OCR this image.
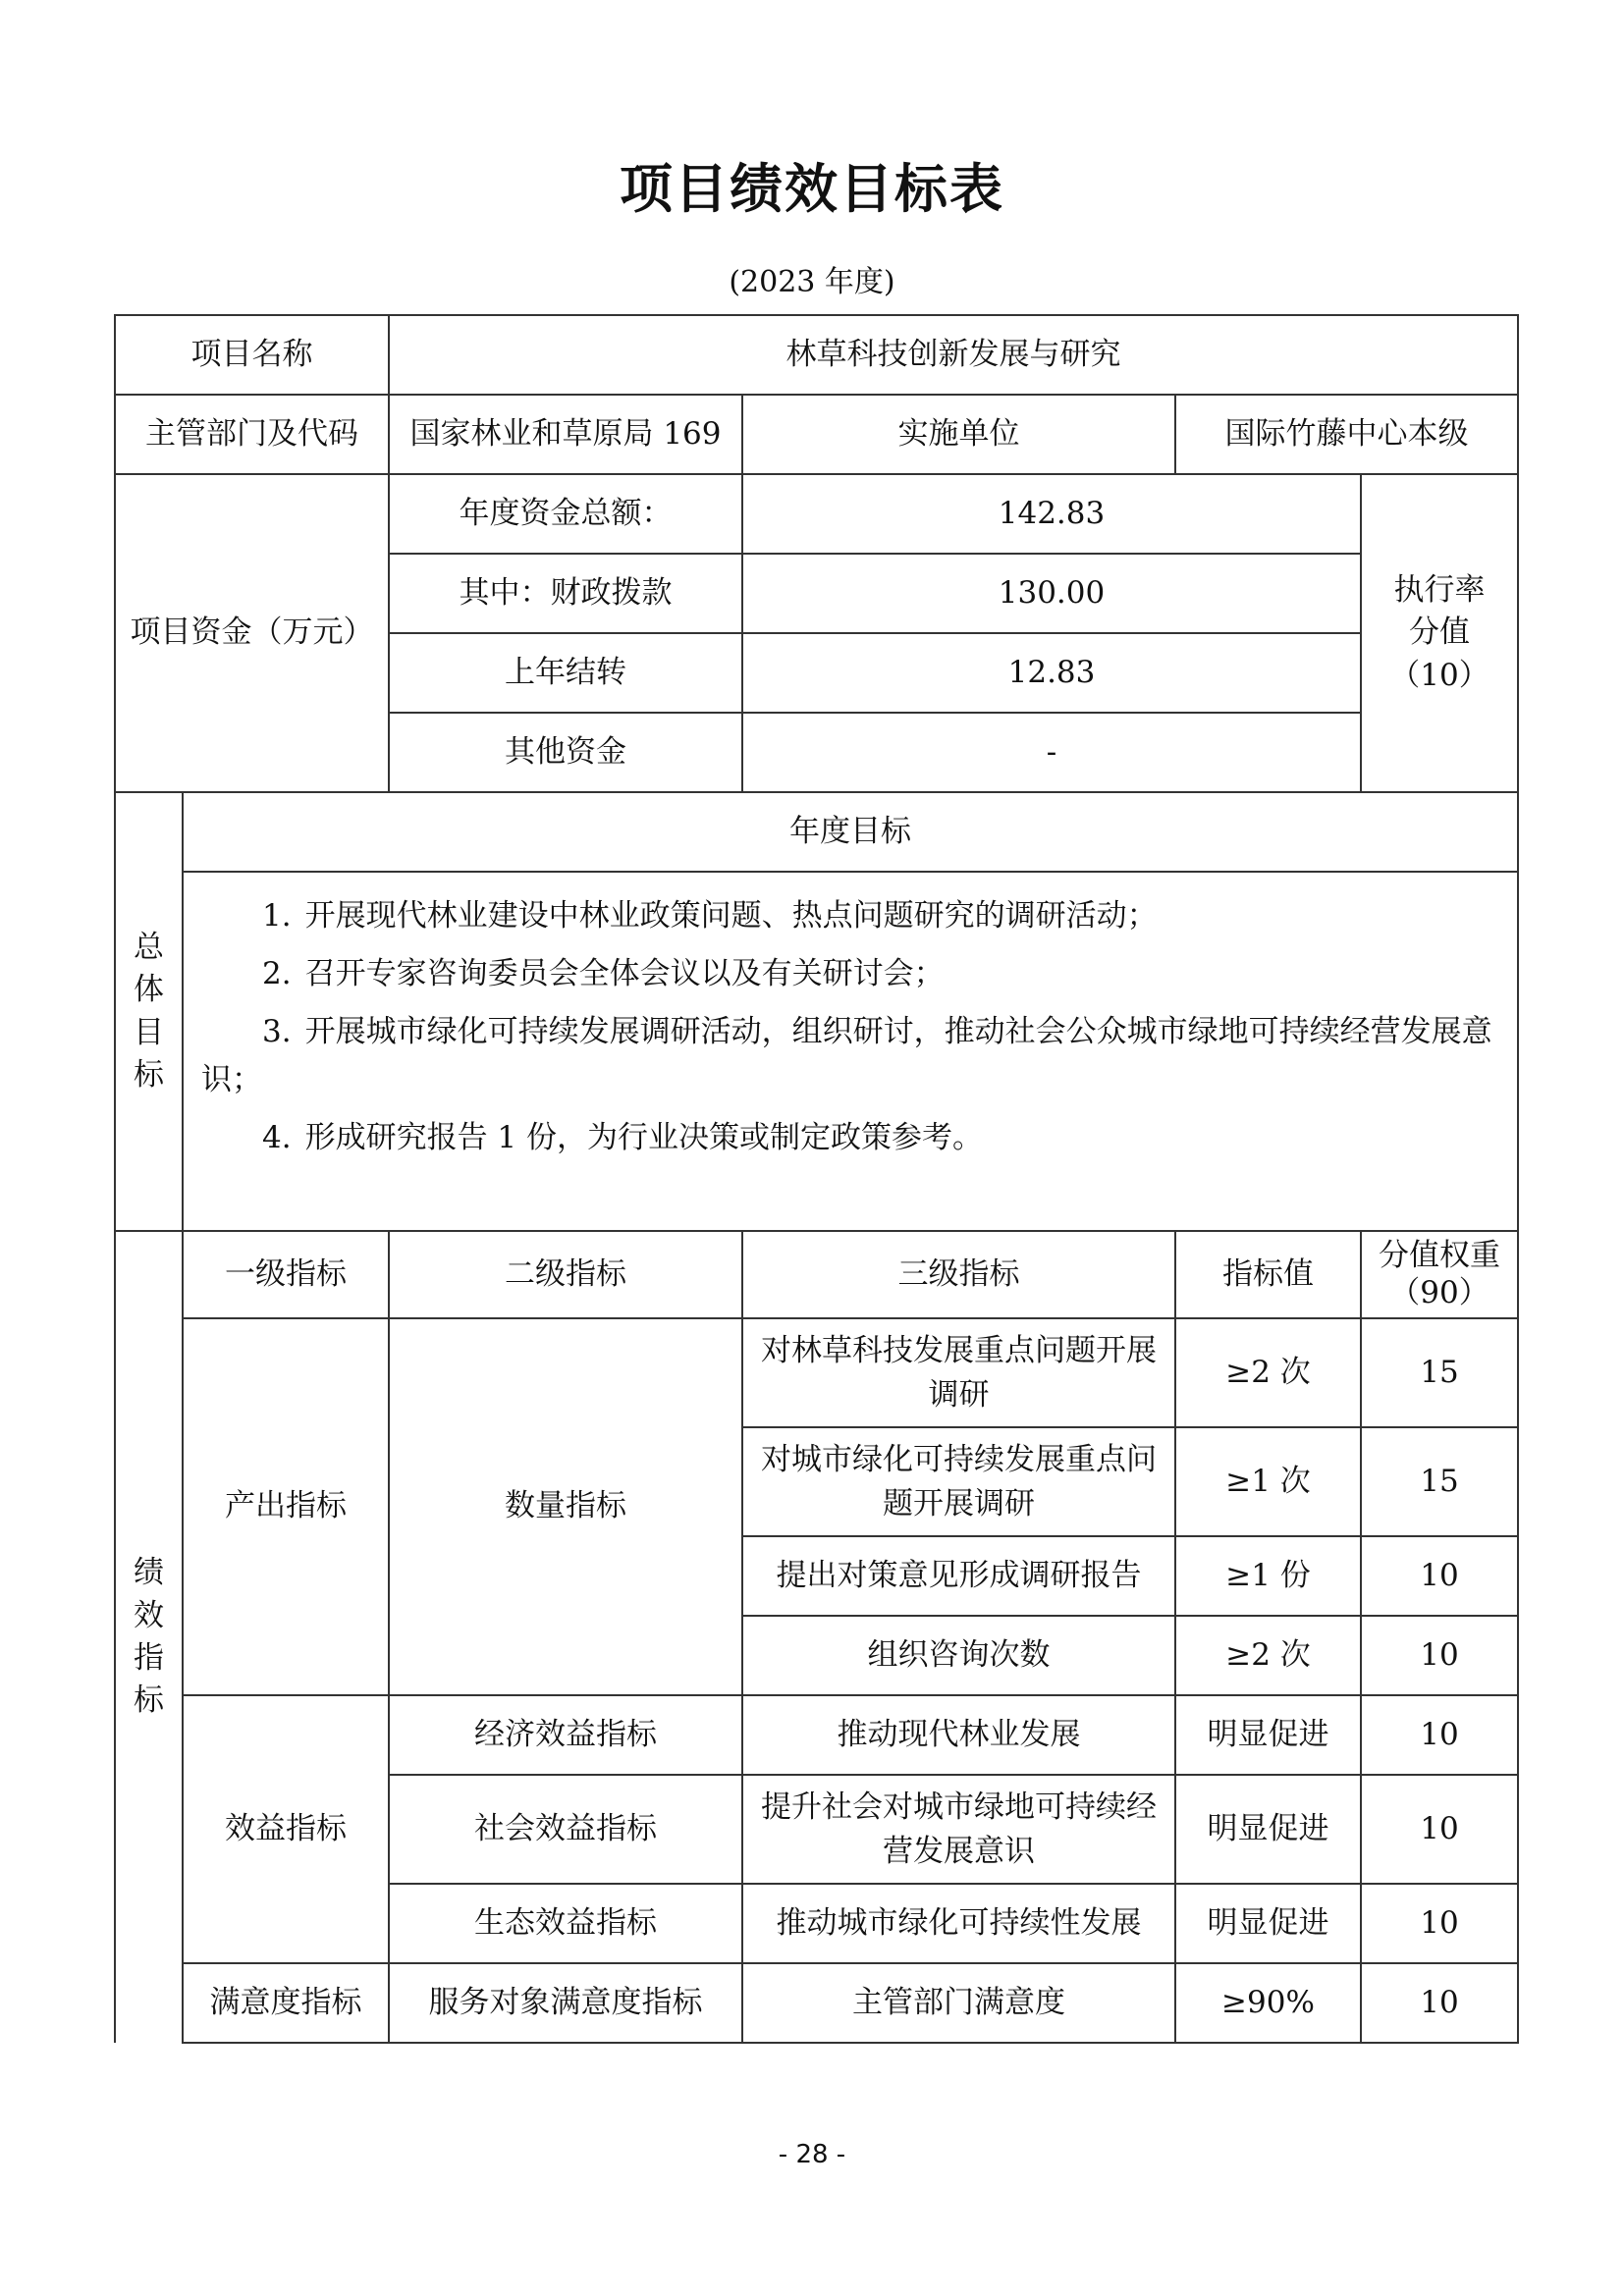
项目绩效目标表
(2023 年度)
项目名称		林草科技创新发展与研究			
主管部门及代码		国家林业和草原局 169	实施单位	国际竹藤中心本级	
项目资金（万元）		年度资金总额：	142.83		执行率
分值
（10）

		其中：财政拨款	130.00		
		上年结转	12.83		
		其他资金	-		

总
体
目
标	年度目标				

	1. 开展现代林业建设中林业政策问题、热点问题研究的调研活动；
2. 召开专家咨询委员会全体会议以及有关研讨会；
3. 开展城市绿化可持续发展调研活动，组织研讨，推动社会公众城市绿地可持续经营发展意识；
4. 形成研究报告 1 份，为行业决策或制定政策参考。				

绩
效
指
标	一级指标	二级指标	三级指标	指标值	分值权重
（90）

	产出指标	数量指标	对林草科技发展重点问题开展调研	≥2 次	15
			对城市绿化可持续发展重点问题开展调研	≥1 次	15
			提出对策意见形成调研报告	≥1 份	10
			组织咨询次数	≥2 次	10
	效益指标	经济效益指标	推动现代林业发展	明显促进	10
		社会效益指标	提升社会对城市绿地可持续经营发展意识	明显促进	10
		生态效益指标	推动城市绿化可持续性发展	明显促进	10
	满意度指标	服务对象满意度指标	主管部门满意度	≥90%	10
- 28 -
